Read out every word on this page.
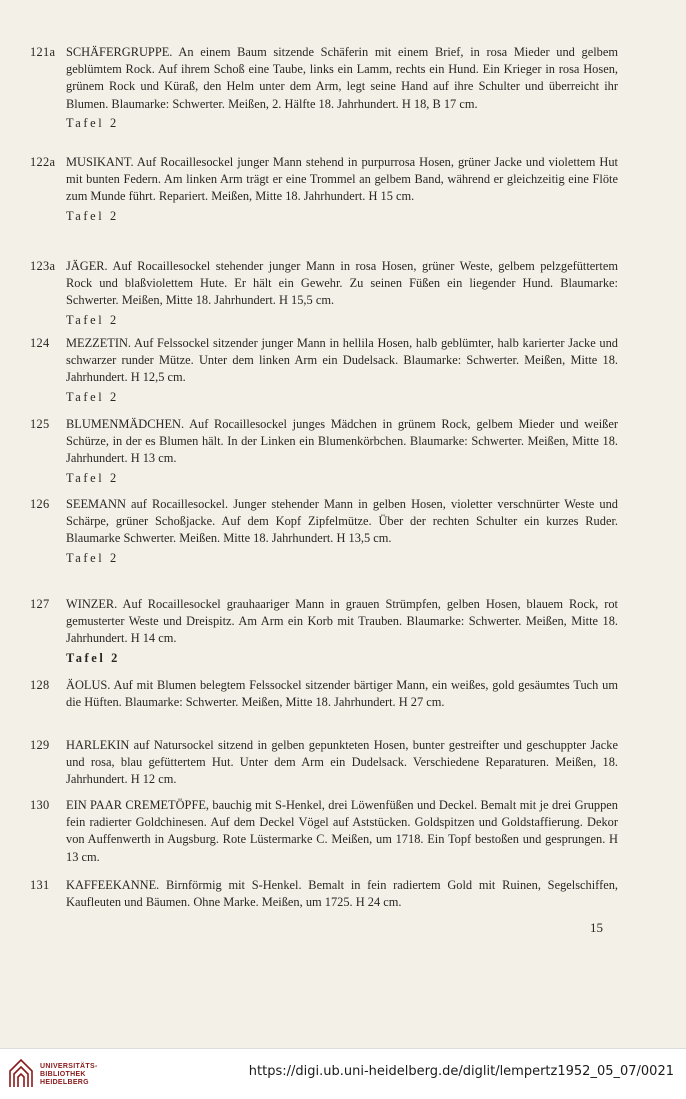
121a SCHÄFERGRUPPE. An einem Baum sitzende Schäferin mit einem Brief, in rosa Mieder und gelbem geblümtem Rock. Auf ihrem Schoß eine Taube, links ein Lamm, rechts ein Hund. Ein Krieger in rosa Hosen, grünem Rock und Küraß, den Helm unter dem Arm, legt seine Hand auf ihre Schulter und überreicht ihr Blumen. Blaumarke: Schwerter. Meißen, 2. Hälfte 18. Jahrhundert. H 18, B 17 cm.
Tafel 2
122a MUSIKANT. Auf Rocaillesockel junger Mann stehend in purpurrosa Hosen, grüner Jacke und violettem Hut mit bunten Federn. Am linken Arm trägt er eine Trommel an gelbem Band, während er gleichzeitig eine Flöte zum Munde führt. Repariert. Meißen, Mitte 18. Jahrhundert. H 15 cm.
Tafel 2
123a JÄGER. Auf Rocaillesockel stehender junger Mann in rosa Hosen, grüner Weste, gelbem pelzgefüttertem Rock und blaßviolettem Hute. Er hält ein Gewehr. Zu seinen Füßen ein liegender Hund. Blaumarke: Schwerter. Meißen, Mitte 18. Jahrhundert. H 15,5 cm.
Tafel 2
124	MEZZETIN. Auf Felssockel sitzender junger Mann in hellila Hosen, halb geblümter, halb karierter Jacke und schwarzer runder Mütze. Unter dem linken Arm ein Dudelsack. Blaumarke: Schwerter. Meißen, Mitte 18. Jahrhundert. H 12,5 cm.
Tafel 2
125	BLUMENMÄDCHEN. Auf Rocaillesockel junges Mädchen in grünem Rock, gelbem Mieder und weißer Schürze, in der es Blumen hält. In der Linken ein Blumenkörbchen. Blaumarke: Schwerter. Meißen, Mitte 18. Jahrhundert. H 13 cm.
Tafel 2
126	SEEMANN auf Rocaillesockel. Junger stehender Mann in gelben Hosen, violetter verschnürter Weste und Schärpe, grüner Schoßjacke. Auf dem Kopf Zipfelmütze. Über der rechten Schulter ein kurzes Ruder. Blaumarke Schwerter. Meißen. Mitte 18. Jahrhundert. H 13,5 cm.
Tafel 2
127	WINZER. Auf Rocaillesockel grauhaariger Mann in grauen Strümpfen, gelben Hosen, blauem Rock, rot gemusterter Weste und Dreispitz. Am Arm ein Korb mit Trauben. Blaumarke: Schwerter. Meißen, Mitte 18. Jahrhundert. H 14 cm.
Tafel 2
128	ÄOLUS. Auf mit Blumen belegtem Felssockel sitzender bärtiger Mann, ein weißes, gold gesäumtes Tuch um die Hüften. Blaumarke: Schwerter. Meißen, Mitte 18. Jahrhundert. H 27 cm.
129	HARLEKIN auf Natursockel sitzend in gelben gepunkteten Hosen, bunter gestreifter und geschuppter Jacke und rosa, blau gefüttertem Hut. Unter dem Arm ein Dudelsack. Verschiedene Reparaturen. Meißen, 18. Jahrhundert. H 12 cm.
130	EIN PAAR CREMETÖPFE, bauchig mit S-Henkel, drei Löwenfüßen und Deckel. Bemalt mit je drei Gruppen fein radierter Goldchinesen. Auf dem Deckel Vögel auf Aststücken. Goldspitzen und Goldstaffierung. Dekor von Auffenwerth in Augsburg. Rote Lüstermarke C. Meißen, um 1718. Ein Topf bestoßen und gesprungen. H 13 cm.
131	KAFFEEKANNE. Birnförmig mit S-Henkel. Bemalt in fein radiertem Gold mit Ruinen, Segelschiffen, Kaufleuten und Bäumen. Ohne Marke. Meißen, um 1725. H 24 cm.
15
UNIVERSITÄTS-
BIBLIOTHEK
HEIDELBERG
https://digi.ub.uni-heidelberg.de/diglit/lempertz1952_05_07/0021
